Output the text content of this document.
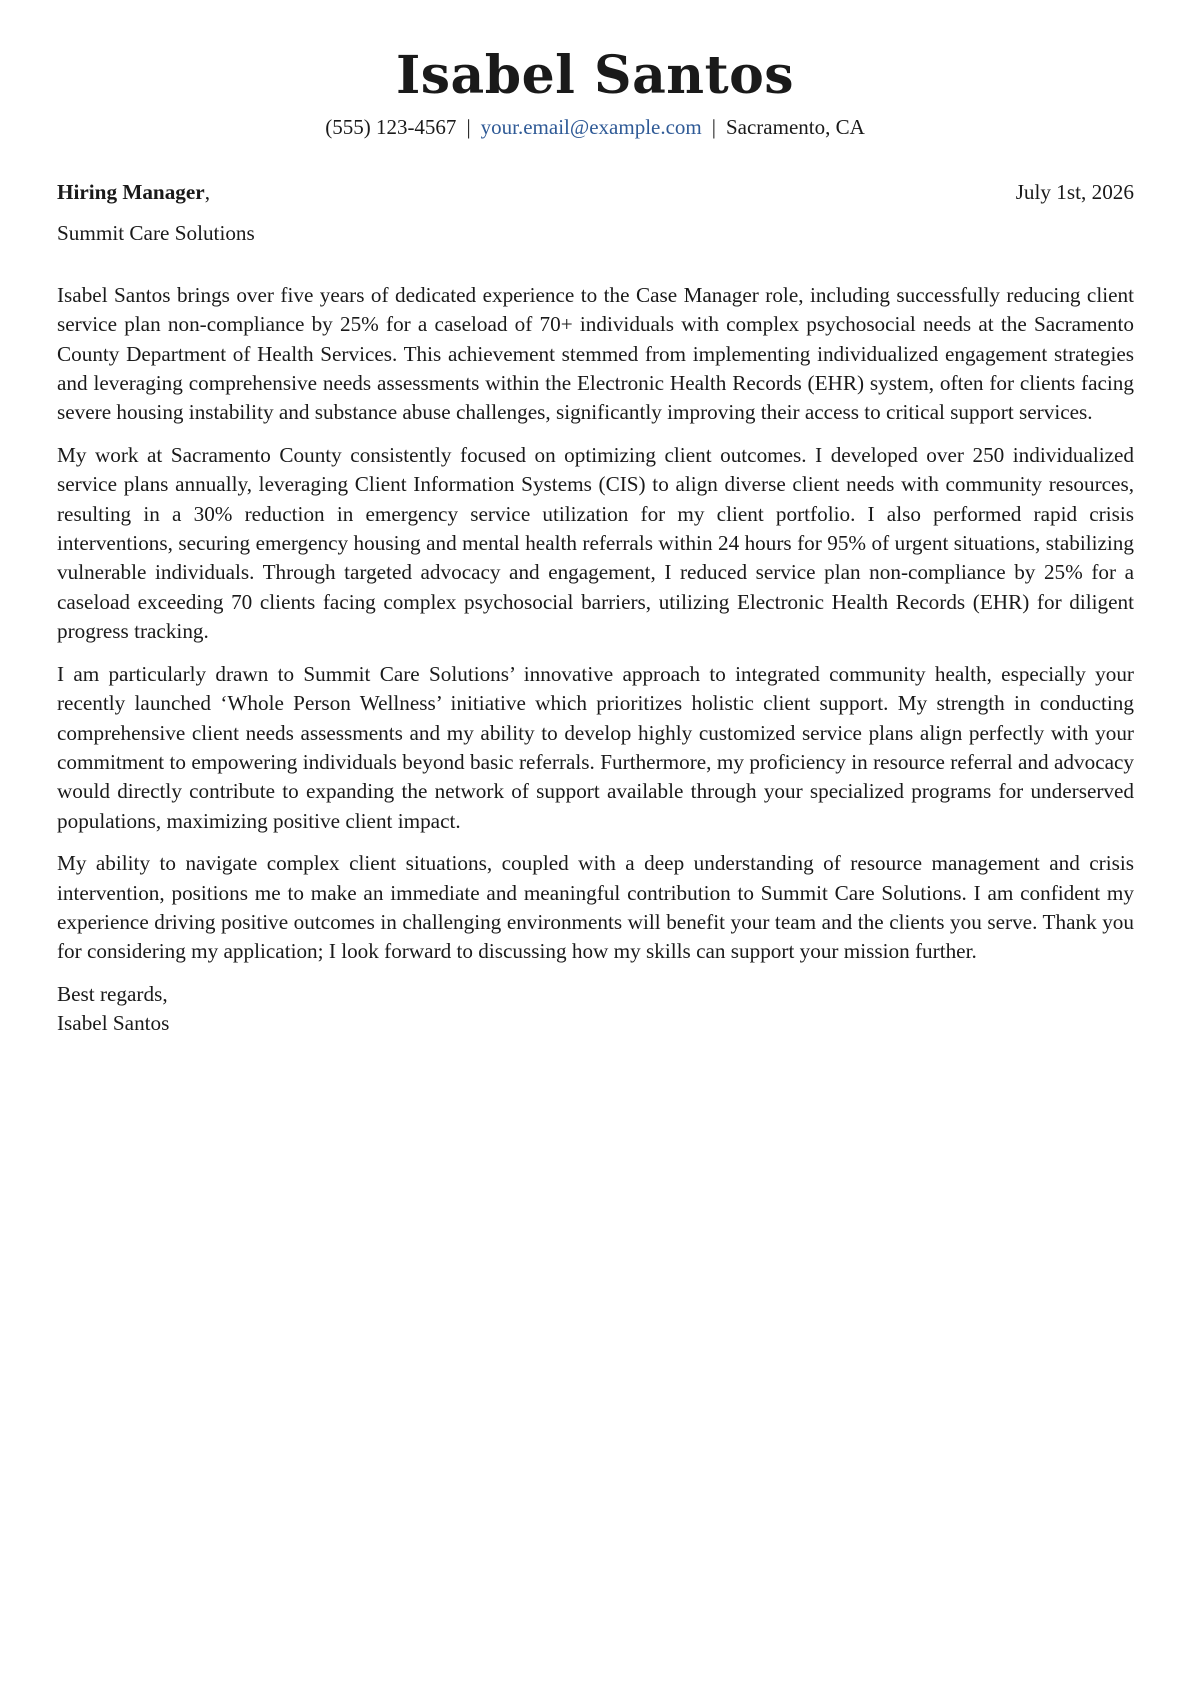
Isabel Santos
(555) 123-4567 | your.email@example.com | Sacramento, CA
Hiring Manager,	July 1st, 2026
Summit Care Solutions

Isabel Santos brings over five years of dedicated experience to the Case Manager role, including successfully reducing client service plan non-compliance by 25% for a caseload of 70+ individuals with complex psychosocial needs at the Sacramento County Department of Health Services. This achievement stemmed from implementing individualized engagement strategies and leveraging comprehensive needs assessments within the Electronic Health Records (EHR) system, often for clients facing severe housing instability and substance abuse challenges, significantly improving their access to critical support services.

My work at Sacramento County consistently focused on optimizing client outcomes. I developed over 250 individualized service plans annually, leveraging Client Information Systems (CIS) to align diverse client needs with community resources, resulting in a 30% reduction in emergency service utilization for my client portfolio. I also performed rapid crisis interventions, securing emergency housing and mental health referrals within 24 hours for 95% of urgent situations, stabilizing vulnerable individuals. Through targeted advocacy and engagement, I reduced service plan non-compliance by 25% for a caseload exceeding 70 clients facing complex psychosocial barriers, utilizing Electronic Health Records (EHR) for diligent progress tracking.

I am particularly drawn to Summit Care Solutions’ innovative approach to integrated community health, especially your recently launched ‘Whole Person Wellness’ initiative which prioritizes holistic client support. My strength in conducting comprehensive client needs assessments and my ability to develop highly customized service plans align perfectly with your commitment to empowering individuals beyond basic referrals. Furthermore, my proficiency in resource referral and advocacy would directly contribute to expanding the network of support available through your specialized programs for underserved populations, maximizing positive client impact.

My ability to navigate complex client situations, coupled with a deep understanding of resource management and crisis intervention, positions me to make an immediate and meaningful contribution to Summit Care Solutions. I am confident my experience driving positive outcomes in challenging environments will benefit your team and the clients you serve. Thank you for considering my application; I look forward to discussing how my skills can support your mission further.

Best regards,
Isabel Santos
